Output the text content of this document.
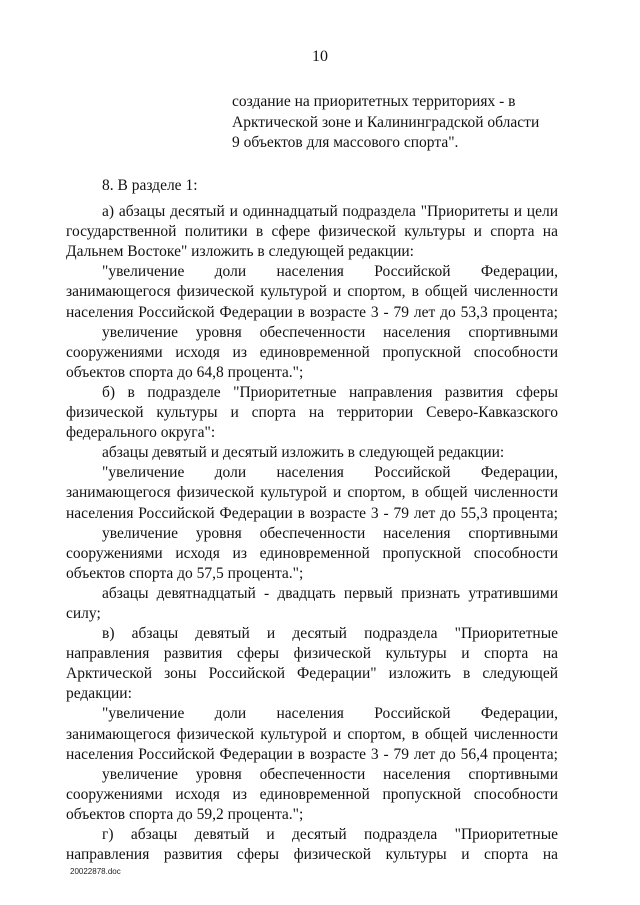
10
создание на приоритетных территориях - в
Арктической зоне и Калининградской области
9 объектов для массового спорта".
8. В разделе 1:
а) абзацы десятый и одиннадцатый подраздела "Приоритеты и цели
государственной политики в сфере физической культуры и спорта на
Дальнем Востоке" изложить в следующей редакции:
"увеличение доли населения Российской Федерации,
занимающегося физической культурой и спортом, в общей численности
населения Российской Федерации в возрасте 3 - 79 лет до 53,3 процента;
увеличение уровня обеспеченности населения спортивными
сооружениями исходя из единовременной пропускной способности
объектов спорта до 64,8 процента.";
б) в подразделе "Приоритетные направления развития сферы
физической культуры и спорта на территории Северо-Кавказского
федерального округа":
абзацы девятый и десятый изложить в следующей редакции:
"увеличение доли населения Российской Федерации,
занимающегося физической культурой и спортом, в общей численности
населения Российской Федерации в возрасте 3 - 79 лет до 55,3 процента;
увеличение уровня обеспеченности населения спортивными
сооружениями исходя из единовременной пропускной способности
объектов спорта до 57,5 процента.";
абзацы девятнадцатый - двадцать первый признать утратившими
силу;
в) абзацы девятый и десятый подраздела "Приоритетные
направления развития сферы физической культуры и спорта на
Арктической зоны Российской Федерации" изложить в следующей
редакции:
"увеличение доли населения Российской Федерации,
занимающегося физической культурой и спортом, в общей численности
населения Российской Федерации в возрасте 3 - 79 лет до 56,4 процента;
увеличение уровня обеспеченности населения спортивными
сооружениями исходя из единовременной пропускной способности
объектов спорта до 59,2 процента.";
г) абзацы девятый и десятый подраздела "Приоритетные
направления развития сферы физической культуры и спорта на
20022878.doc
